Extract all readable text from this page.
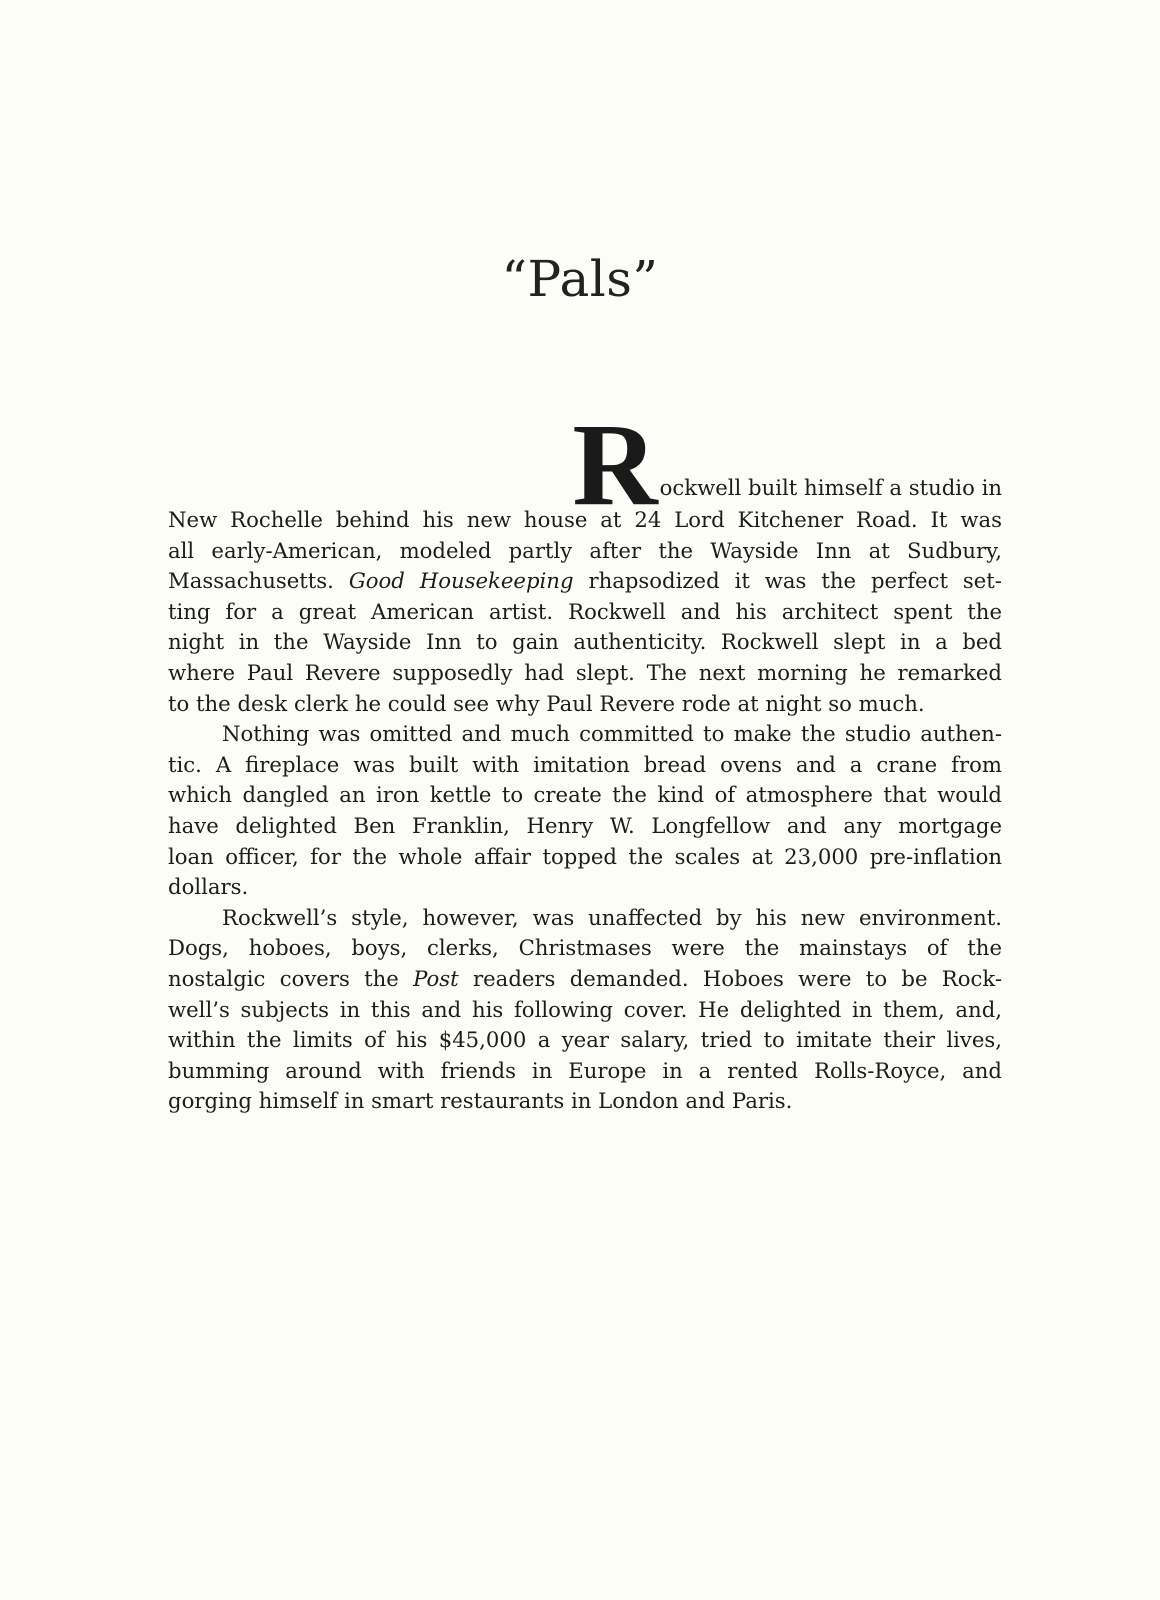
“Pals”
R ockwell built himself a studio in
New Rochelle behind his new house at 24 Lord Kitchener Road. It was
all early-American, modeled partly after the Wayside Inn at Sudbury,
Massachusetts. Good Housekeeping rhapsodized it was the perfect set-
ting for a great American artist. Rockwell and his architect spent the
night in the Wayside Inn to gain authenticity. Rockwell slept in a bed
where Paul Revere supposedly had slept. The next morning he remarked
to the desk clerk he could see why Paul Revere rode at night so much.
Nothing was omitted and much committed to make the studio authen-
tic. A fireplace was built with imitation bread ovens and a crane from
which dangled an iron kettle to create the kind of atmosphere that would
have delighted Ben Franklin, Henry W. Longfellow and any mortgage
loan officer, for the whole affair topped the scales at 23,000 pre-inflation
dollars.
Rockwell’s style, however, was unaffected by his new environment.
Dogs, hoboes, boys, clerks, Christmases were the mainstays of the
nostalgic covers the Post readers demanded. Hoboes were to be Rock-
well’s subjects in this and his following cover. He delighted in them, and,
within the limits of his $45,000 a year salary, tried to imitate their lives,
bumming around with friends in Europe in a rented Rolls-Royce, and
gorging himself in smart restaurants in London and Paris.
